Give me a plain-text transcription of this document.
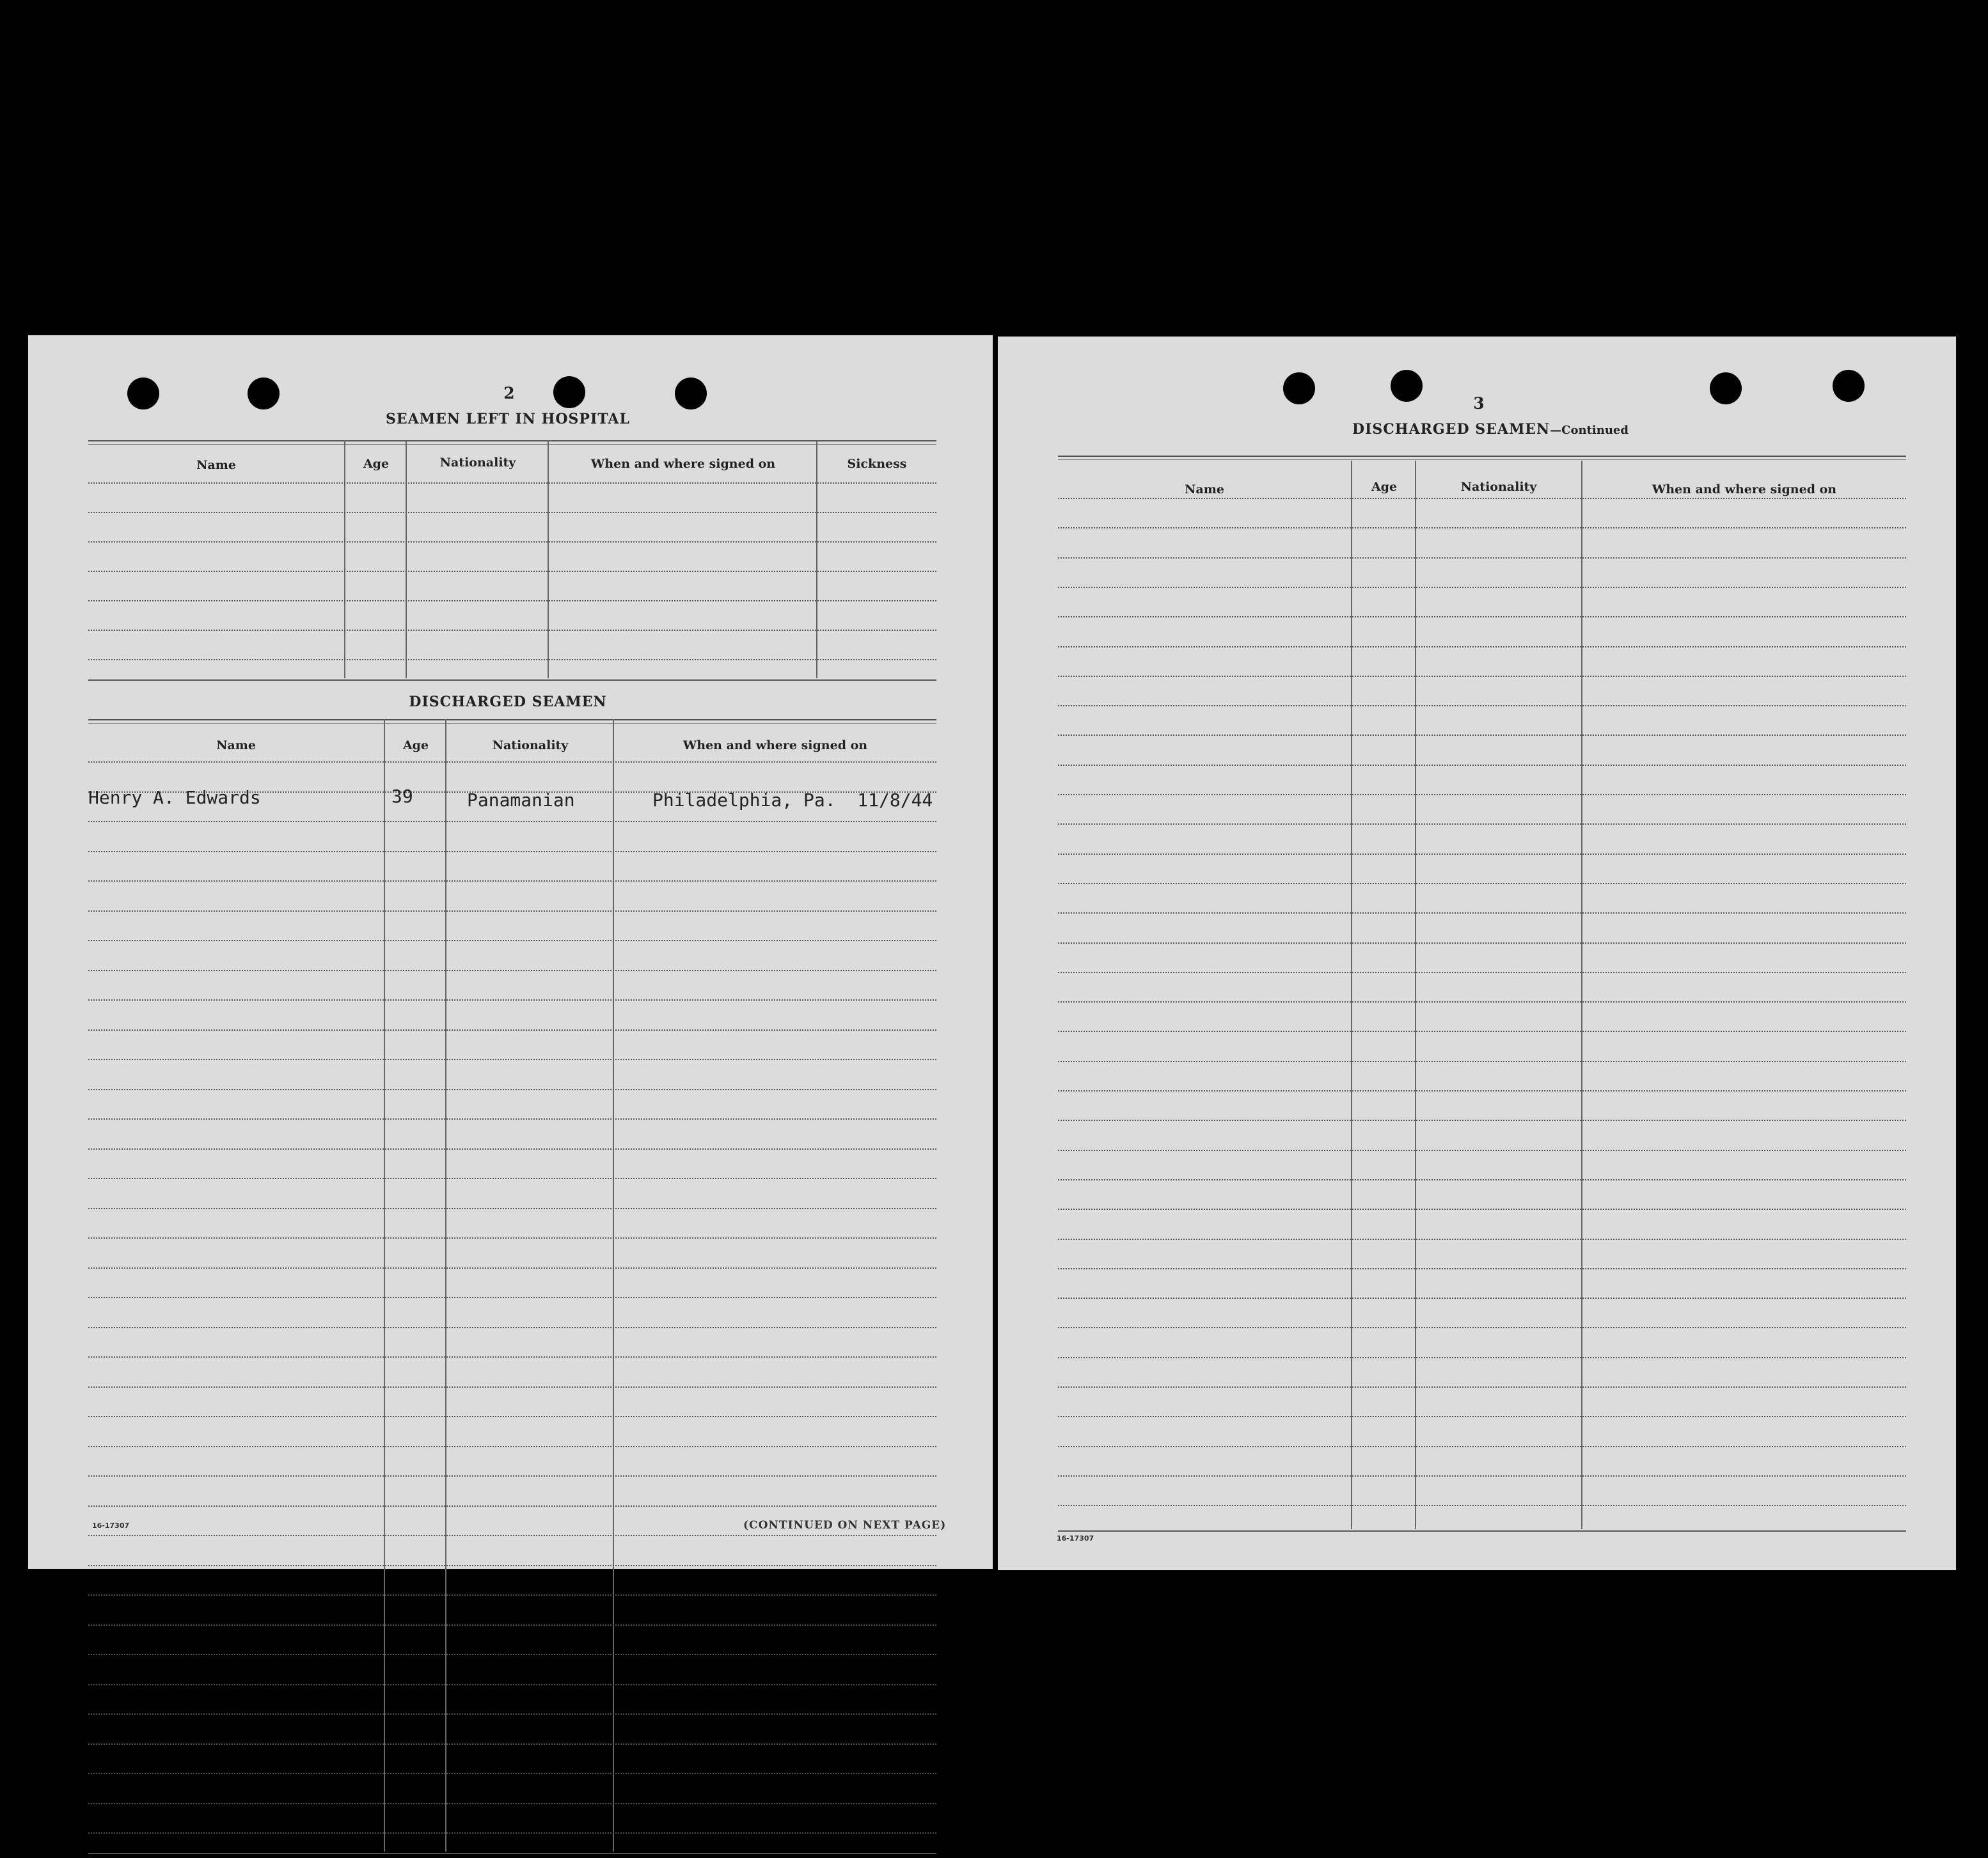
2
SEAMEN LEFT IN HOSPITAL
Name	Age	Nationality	When and where signed on	Sickness
DISCHARGED SEAMEN
Name	Age	Nationality	When and where signed on
Henry A. Edwards	39	Panamanian	Philadelphia, Pa.  11/8/44
16-17307	(CONTINUED ON NEXT PAGE)
3
DISCHARGED SEAMEN—Continued
Name	Age	Nationality	When and where signed on
16-17307
